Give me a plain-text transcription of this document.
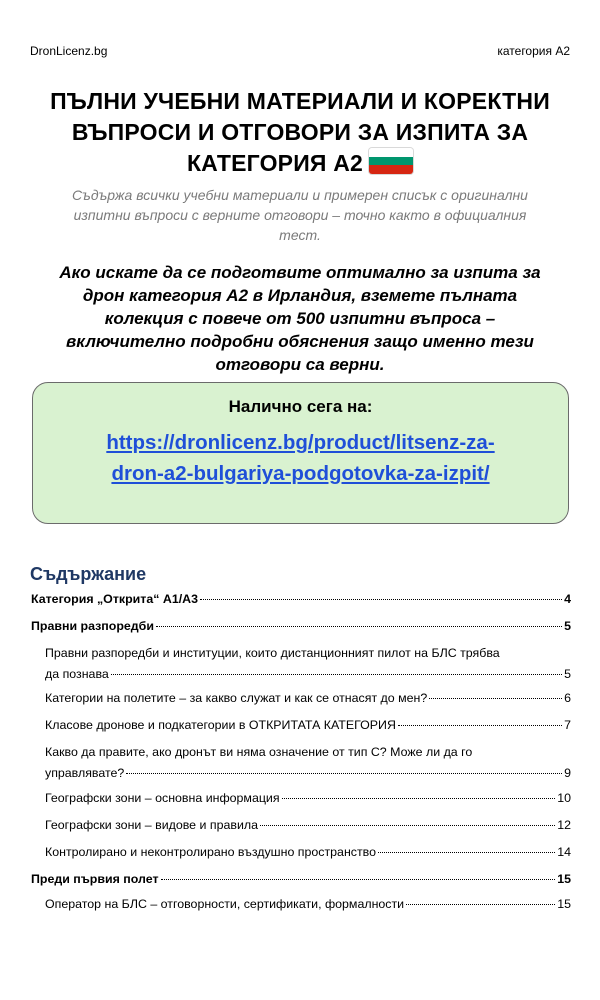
DronLicenz.bg	категория А2
ПЪЛНИ УЧЕБНИ МАТЕРИАЛИ И КОРЕКТНИ
ВЪПРОСИ И ОТГОВОРИ ЗА ИЗПИТА ЗА
КАТЕГОРИЯ А2
Съдържа всички учебни материали и примерен списък с оригинални
изпитни въпроси с верните отговори – точно както в официалния
тест.
Ако искате да се подготвите оптимално за изпита за
дрон категория А2 в Ирландия, вземете пълната
колекция с повече от 500 изпитни въпроса –
включително подробни обяснения защо именно тези
отговори са верни.
Налично сега на:
https://dronlicenz.bg/product/litsenz-za-
dron-a2-bulgariya-podgotovka-za-izpit/
Съдържание
Категория „Открита“ А1/А3	4
Правни разпоредби	5
Правни разпоредби и институции, които дистанционният пилот на БЛС трябва
да познава	5
Категории на полетите – за какво служат и как се отнасят до мен?	6
Класове дронове и подкатегории в ОТКРИТАТА КАТЕГОРИЯ	7
Какво да правите, ако дронът ви няма означение от тип C? Може ли да го
управлявате?	9
Географски зони – основна информация	10
Географски зони – видове и правила	12
Контролирано и неконтролирано въздушно пространство	14
Преди първия полет	15
Оператор на БЛС – отговорности, сертификати, формалности	15
